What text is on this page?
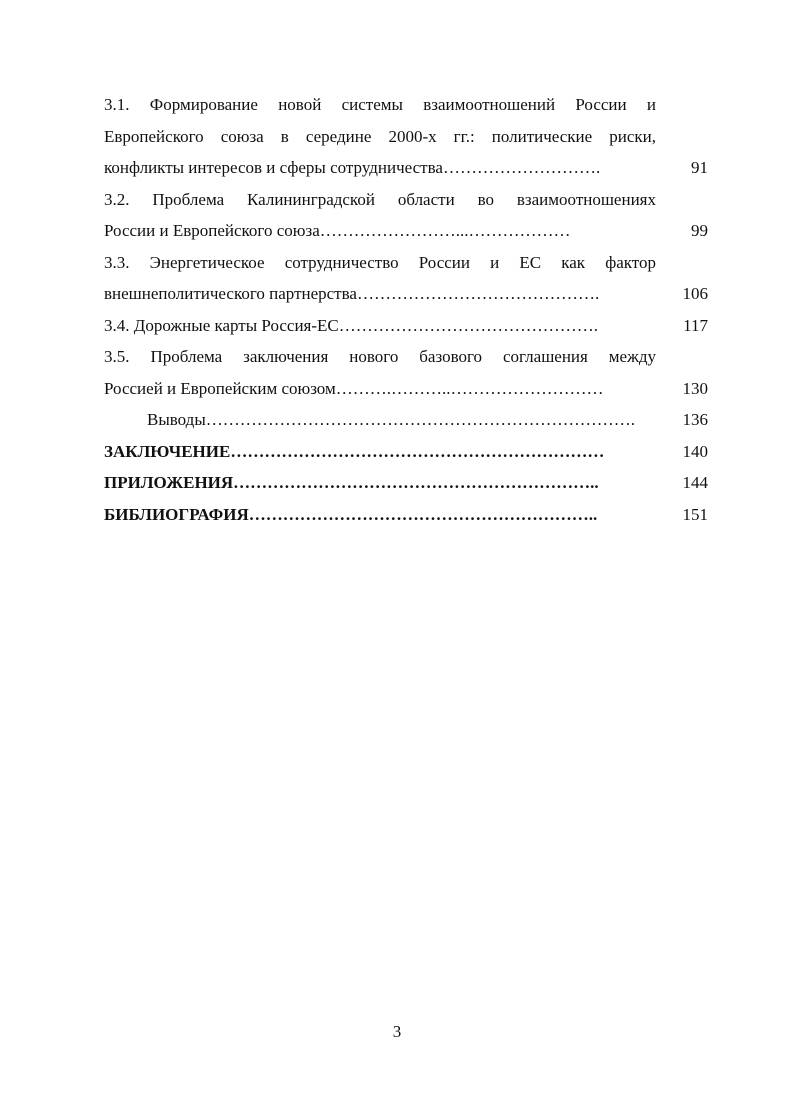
3.1. Формирование новой системы взаимоотношений России и
Европейского союза в середине 2000-х гг.: политические риски,
конфликты интересов и сферы сотрудничества……………………….	91
3.2. Проблема Калининградской области во взаимоотношениях
России и Европейского союза……………………...………………	99
3.3. Энергетическое сотрудничество России и ЕС как фактор
внешнеполитического партнерства…………………………………….	106
3.4. Дорожные карты Россия-ЕС……………………………………….	117
3.5. Проблема заключения нового базового соглашения между
Россией и Европейским союзом……….………..………………………	130
Выводы………………………………………………………………….	136
ЗАКЛЮЧЕНИЕ…………………………………………………………	140
ПРИЛОЖЕНИЯ………………………………………………………..	144
БИБЛИОГРАФИЯ……………………………………………………..	151
3
